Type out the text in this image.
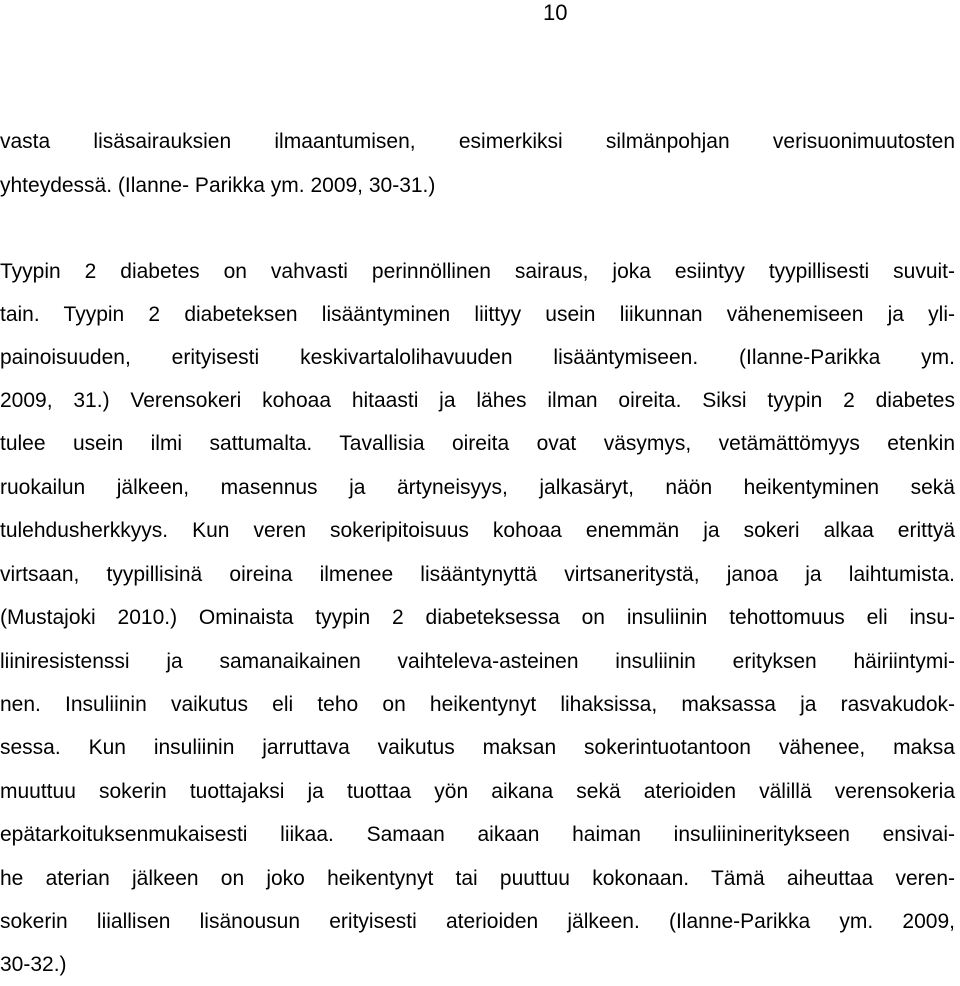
10
vasta lisäsairauksien ilmaantumisen, esimerkiksi silmänpohjan verisuonimuutosten
yhteydessä. (Ilanne- Parikka ym. 2009, 30-31.)
Tyypin 2 diabetes on vahvasti perinnöllinen sairaus, joka esiintyy tyypillisesti suvuit-
tain. Tyypin 2 diabeteksen lisääntyminen liittyy usein liikunnan vähenemiseen ja yli-
painoisuuden, erityisesti keskivartalolihavuuden lisääntymiseen. (Ilanne-Parikka ym.
2009, 31.) Verensokeri kohoaa hitaasti ja lähes ilman oireita. Siksi tyypin 2 diabetes
tulee usein ilmi sattumalta. Tavallisia oireita ovat väsymys, vetämättömyys etenkin
ruokailun jälkeen, masennus ja ärtyneisyys, jalkasäryt, näön heikentyminen sekä
tulehdusherkkyys. Kun veren sokeripitoisuus kohoaa enemmän ja sokeri alkaa erittyä
virtsaan, tyypillisinä oireina ilmenee lisääntynyttä virtsaneritystä, janoa ja laihtumista.
(Mustajoki 2010.) Ominaista tyypin 2 diabeteksessa on insuliinin tehottomuus eli insu-
liiniresistenssi ja samanaikainen vaihteleva-asteinen insuliinin erityksen häiriintymi-
nen. Insuliinin vaikutus eli teho on heikentynyt lihaksissa, maksassa ja rasvakudok-
sessa. Kun insuliinin jarruttava vaikutus maksan sokerintuotantoon vähenee, maksa
muuttuu sokerin tuottajaksi ja tuottaa yön aikana sekä aterioiden välillä verensokeria
epätarkoituksenmukaisesti liikaa. Samaan aikaan haiman insuliinineritykseen ensivai-
he aterian jälkeen on joko heikentynyt tai puuttuu kokonaan. Tämä aiheuttaa veren-
sokerin liiallisen lisänousun erityisesti aterioiden jälkeen. (Ilanne-Parikka ym. 2009,
30-32.)
